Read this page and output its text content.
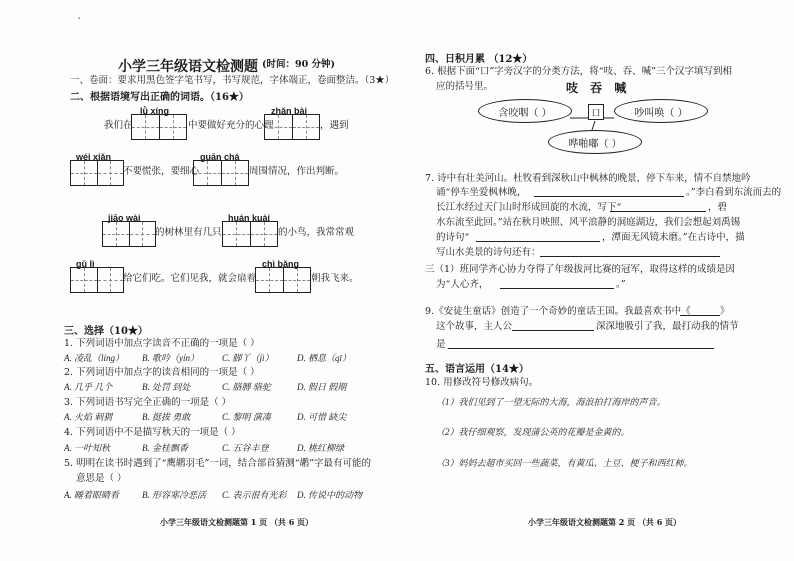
'
小学三年级语文检测题 (时间：90 分钟)
一、卷面：要求用黑色签字笔书写，书写规范，字体端正，卷面整洁。（3★）
二、根据语境写出正确的词语。（16★）
lǜ xíng	zhǎn bài
我们在	中要做好充分的心理	，遇到
wéi xiǎn	guān chá
不要慌张，要细心	周围情况，作出判断。
jiāo wài	huán kuài
的树林里有几只	的小鸟，我常常观
gǔ lì	chì bǎng
给它们吃。它们见我，就会扇着	朝我飞来。
三、选择（10★）
1. 下列词语中加点字读音不正确的一项是（ ）
A. 凌乱（líng） B. 歌吟（yín）	C. 脚丫（jì）	D. 栖息（qī）
2. 下列词语中加点字的读音相同的一项是（ ）
A. 几乎 几个	B. 处罚 到处	C. 胳膊 骆驼	D. 假日 假期
3. 下列词语书写完全正确的一项是（ ）
A. 火焰 刺猬	B. 挺拔 勇敢	C. 黎明 演凑	D. 可惜 缺尖
4. 下列词语中不是描写秋天的一项是（ ）
A. 一叶知秋	B. 金桂飘香	C. 五谷丰登	D. 桃红柳绿
5. 明明在读书时遇到了“鹰鹕羽毛”一词，结合部首猜测“鹕”字最有可能的
意思是（ ）
A. 睡着眼睛看	B. 形容寒冷恶活 C. 表示很有光彩 D. 传说中的动物
小学三年级语文检测题第 1 页 （共 6 页）
四、日积月累 （12★）
6. 根据下面“口”字旁汉字的分类方法，将“吱、吞、喊”三个汉字填写到相
应的括号里。	吱 吞 喊
含咬咽（ ）	口	吵叫唤（ ）
哗啪嘟（ ）
7. 诗中有壮美河山。杜牧看到深秋山中枫林的晚景，停下车来，情不自禁地吟
诵“停车坐爱枫林晚，	。”李白看到东流而去的
长江水经过天门山时形成回旋的水流，写下“	，碧
水东流至此回。”站在秋月映照、风平浪静的洞庭湖边，我们会想起刘禹锡
的诗句“	，潭面无风镜未磨。”在古诗中，描
写山水美景的诗句还有：
三（1）班同学齐心协力夺得了年级拔河比赛的冠军，取得这样的成绩是因
为“人心齐，	。”
9.《安徒生童话》创造了一个奇妙的童话王国。我最喜欢书中《	》
这个故事，主人公	深深地吸引了我，最打动我的情节
是
五、语言运用（14★）
10. 用修改符号修改病句。
（1）我们见到了一望无际的大海，海浪拍打海岸的声音。
（2）我仔细观察，发现蒲公英的花瓣是金黄的。
（3）妈妈去超市买回一些蔬菜，有黄瓜、土豆、梗子和西红柿。
小学三年级语文检测题第 2 页 （共 6 页）
